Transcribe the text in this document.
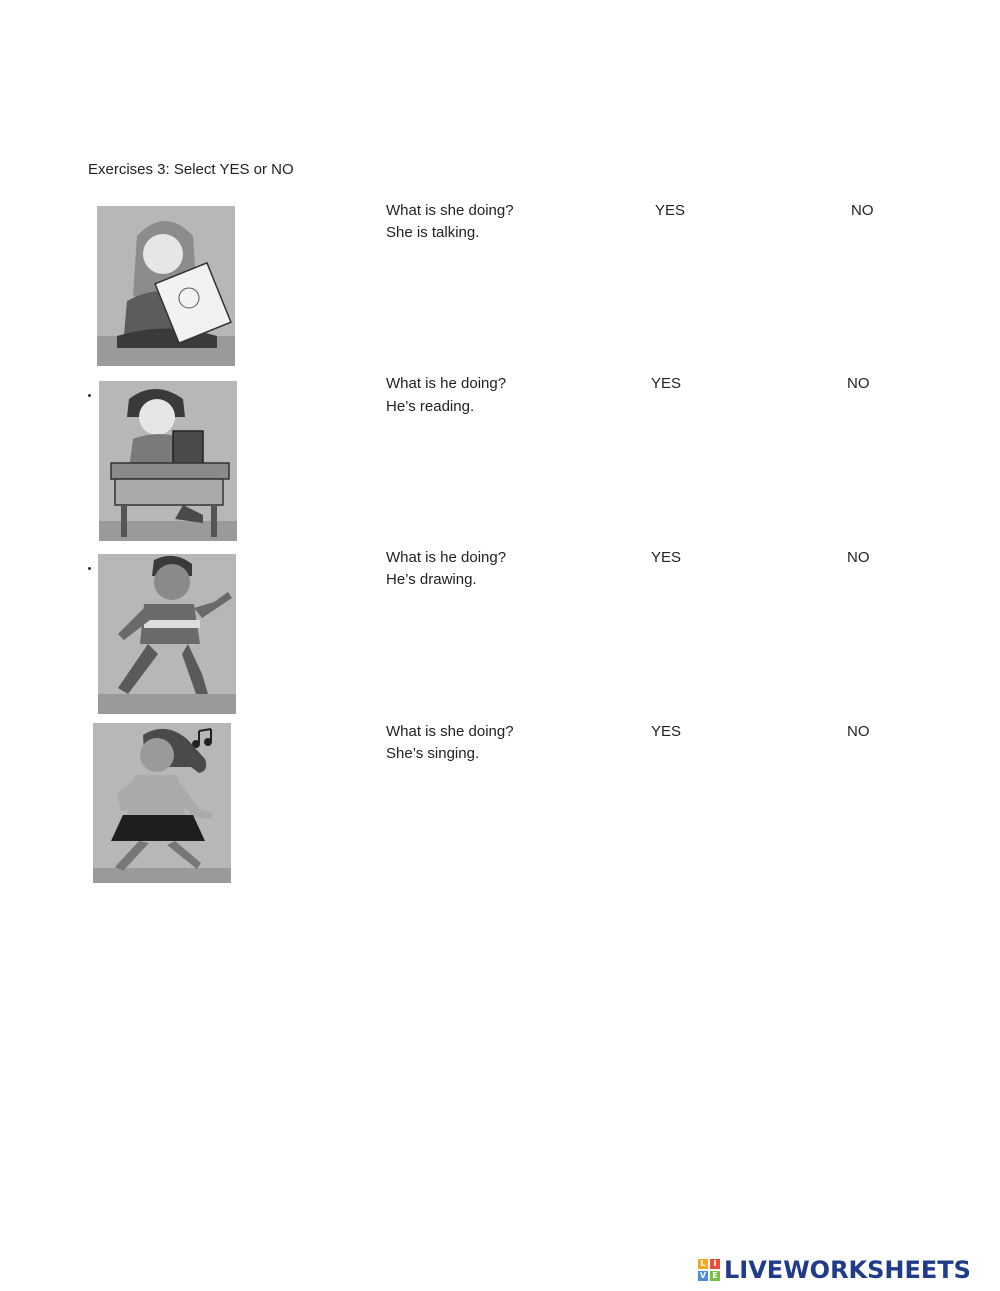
Exercises 3: Select YES or NO
What is she doing?
She is talking.
YES	NO
What is he doing?
He’s reading.
YES	NO
What is he doing?
He’s drawing.
YES	NO
What is she doing?
She’s singing.
YES	NO
L I
V E LIVEWORKSHEETS
